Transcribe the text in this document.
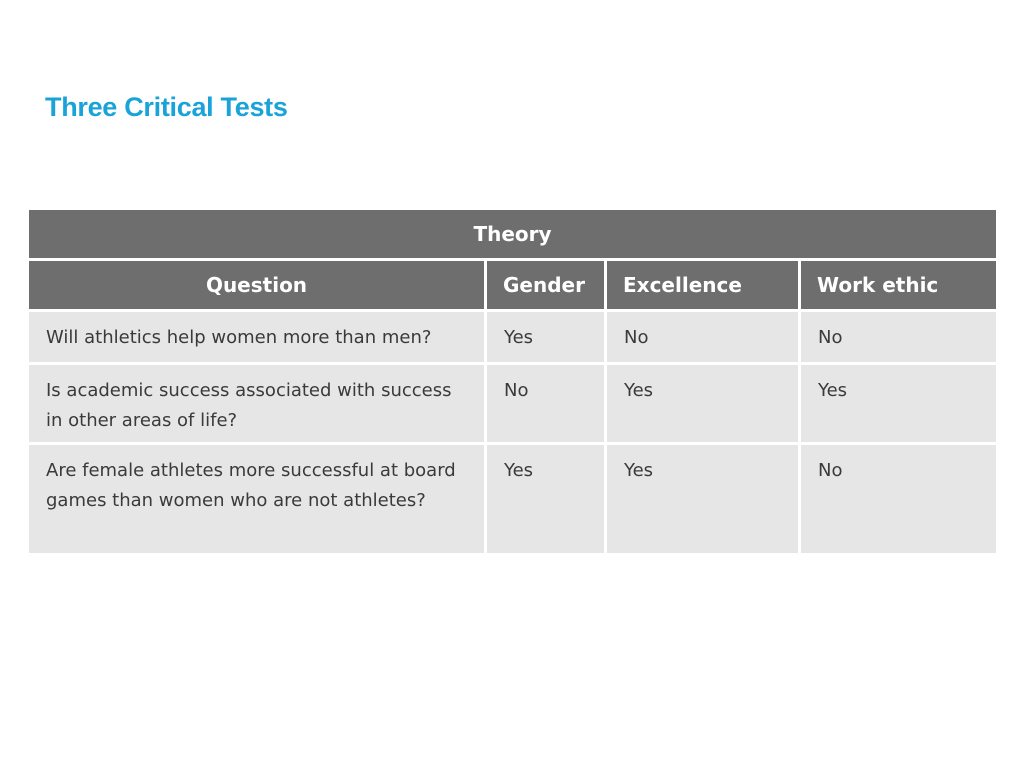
Three Critical Tests
Theory			
Question	Gender	Excellence	Work ethic
Will athletics help women more than men?	Yes	No	No
Is academic success associated with success in other areas of life?	No	Yes	Yes
Are female athletes more successful at board games than women who are not athletes?	Yes	Yes	No
